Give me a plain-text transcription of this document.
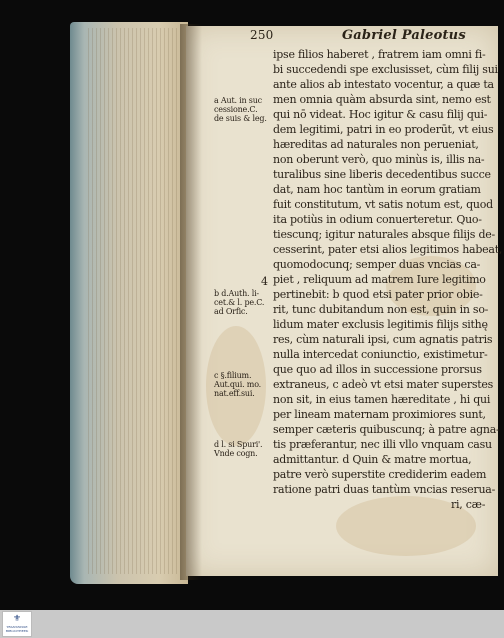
250	Gabriel Paleotus
ipse filios haberet , fratrem iam omni fi-
bi succedendi spe exclusisset, cùm filij sui
ante alios ab intestato vocentur, a quæ ta
men omnia quàm absurda sint, nemo est
qui nō videat. Hoc igitur & casu filij qui-
dem legitimi, patri in eo proderūt, vt eius
hæreditas ad naturales non perueniat,
non oberunt verò, quo minùs is, illis na-
turalibus sine liberis decedentibus succe
dat, nam hoc tantùm in eorum gratiam
fuit constitutum, vt satis notum est, quod
ita potiùs in odium conuerteretur. Quo-
tiescunq; igitur naturales absque filijs de-
cesserint, pater etsi alios legitimos habeat,
quomodocunq; semper duas vncias ca-
piet , reliquum ad matrem Iure legitimo
pertinebit: b quod etsi pater prior obie-
rit, tunc dubitandum non est, quin in so-
lidum mater exclusis legitimis filijs sithę
res, cùm naturali ipsi, cum agnatis patris
nulla intercedat coniunctio, existimetur-
que quo ad illos in successione prorsus
extraneus, c adeò vt etsi mater superstes
non sit, in eius tamen hæreditate , hi qui
per lineam maternam proximiores sunt,
semper cæteris quibuscunq; à patre agna-
tis præferantur, nec illi vllo vnquam casu
admittantur. d Quin & matre mortua,
patre verò superstite crediderim eadem
ratione patri duas tantùm vncias reserua-
ri, cæ-
4
a Aut. in suc
cessione.C.
de suis & leg.
b d.Auth. li-
cet.& l. pe.C.
ad Orfic.
c §.filium.
Aut.qui. mo.
nat.eff.sui.
d l. si Spuri'.
Vnde cogn.
⚜
TRANSNISSE BIBLIOTHEEK
